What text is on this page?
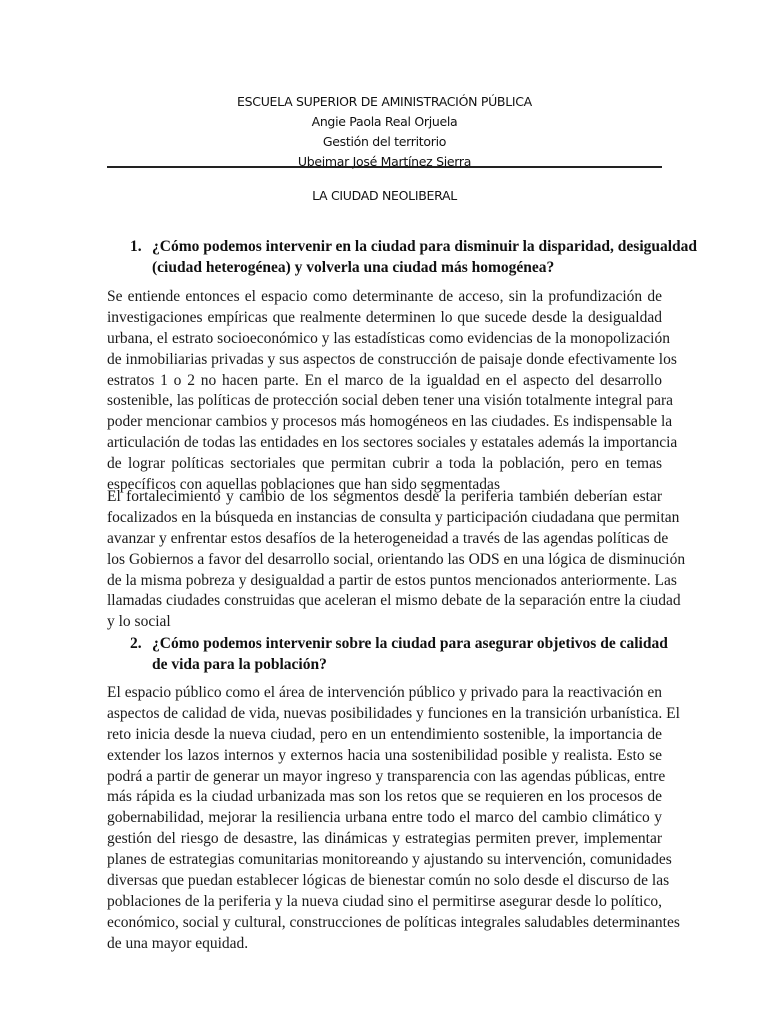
ESCUELA SUPERIOR DE AMINISTRACIÓN PÚBLICA
Angie Paola Real Orjuela
Gestión del territorio
Ubeimar José Martínez Sierra
LA CIUDAD NEOLIBERAL
1. ¿Cómo podemos intervenir en la ciudad para disminuir la disparidad, desigualdad
(ciudad heterogénea) y volverla una ciudad más homogénea?
Se entiende entonces el espacio como determinante de acceso, sin la profundización de
investigaciones empíricas que realmente determinen lo que sucede desde la desigualdad
urbana, el estrato socioeconómico y las estadísticas como evidencias de la monopolización
de inmobiliarias privadas y sus aspectos de construcción de paisaje donde efectivamente los
estratos 1 o 2 no hacen parte. En el marco de la igualdad en el aspecto del desarrollo
sostenible, las políticas de protección social deben tener una visión totalmente integral para
poder mencionar cambios y procesos más homogéneos en las ciudades. Es indispensable la
articulación de todas las entidades en los sectores sociales y estatales además la importancia
de lograr políticas sectoriales que permitan cubrir a toda la población, pero en temas
específicos con aquellas poblaciones que han sido segmentadas
El fortalecimiento y cambio de los segmentos desde la periferia también deberían estar
focalizados en la búsqueda en instancias de consulta y participación ciudadana que permitan
avanzar y enfrentar estos desafíos de la heterogeneidad a través de las agendas políticas de
los Gobiernos a favor del desarrollo social, orientando las ODS en una lógica de disminución
de la misma pobreza y desigualdad a partir de estos puntos mencionados anteriormente. Las
llamadas ciudades construidas que aceleran el mismo debate de la separación entre la ciudad
y lo social
2. ¿Cómo podemos intervenir sobre la ciudad para asegurar objetivos de calidad
de vida para la población?
El espacio público como el área de intervención público y privado para la reactivación en
aspectos de calidad de vida, nuevas posibilidades y funciones en la transición urbanística. El
reto inicia desde la nueva ciudad, pero en un entendimiento sostenible, la importancia de
extender los lazos internos y externos hacia una sostenibilidad posible y realista. Esto se
podrá a partir de generar un mayor ingreso y transparencia con las agendas públicas, entre
más rápida es la ciudad urbanizada mas son los retos que se requieren en los procesos de
gobernabilidad, mejorar la resiliencia urbana entre todo el marco del cambio climático y
gestión del riesgo de desastre, las dinámicas y estrategias permiten prever, implementar
planes de estrategias comunitarias monitoreando y ajustando su intervención, comunidades
diversas que puedan establecer lógicas de bienestar común no solo desde el discurso de las
poblaciones de la periferia y la nueva ciudad sino el permitirse asegurar desde lo político,
económico, social y cultural, construcciones de políticas integrales saludables determinantes
de una mayor equidad.
